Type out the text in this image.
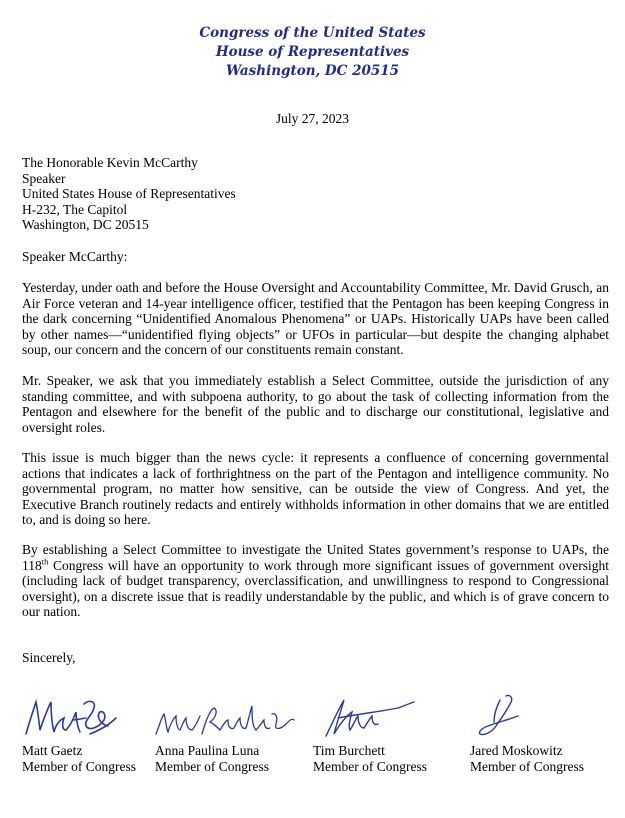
Congress of the United States
House of Representatives
Washington, DC 20515
July 27, 2023
The Honorable Kevin McCarthy
Speaker
United States House of Representatives
H-232, The Capitol
Washington, DC 20515
Speaker McCarthy:

Yesterday, under oath and before the House Oversight and Accountability Committee, Mr. David Grusch, an Air Force veteran and 14-year intelligence officer, testified that the Pentagon has been keeping Congress in the dark concerning “Unidentified Anomalous Phenomena” or UAPs. Historically UAPs have been called by other names—“unidentified flying objects” or UFOs in particular—but despite the changing alphabet soup, our concern and the concern of our constituents remain constant.

Mr. Speaker, we ask that you immediately establish a Select Committee, outside the jurisdiction of any standing committee, and with subpoena authority, to go about the task of collecting information from the Pentagon and elsewhere for the benefit of the public and to discharge our constitutional, legislative and oversight roles.

This issue is much bigger than the news cycle: it represents a confluence of concerning governmental actions that indicates a lack of forthrightness on the part of the Pentagon and intelligence community. No governmental program, no matter how sensitive, can be outside the view of Congress. And yet, the Executive Branch routinely redacts and entirely withholds information in other domains that we are entitled to, and is doing so here.

By establishing a Select Committee to investigate the United States government’s response to UAPs, the 118th Congress will have an opportunity to work through more significant issues of government oversight (including lack of budget transparency, overclassification, and unwillingness to respond to Congressional oversight), on a discrete issue that is readily understandable by the public, and which is of grave concern to our nation.

Sincerely,
Matt Gaetz
Member of Congress
Anna Paulina Luna
Member of Congress
Tim Burchett
Member of Congress
Jared Moskowitz
Member of Congress
